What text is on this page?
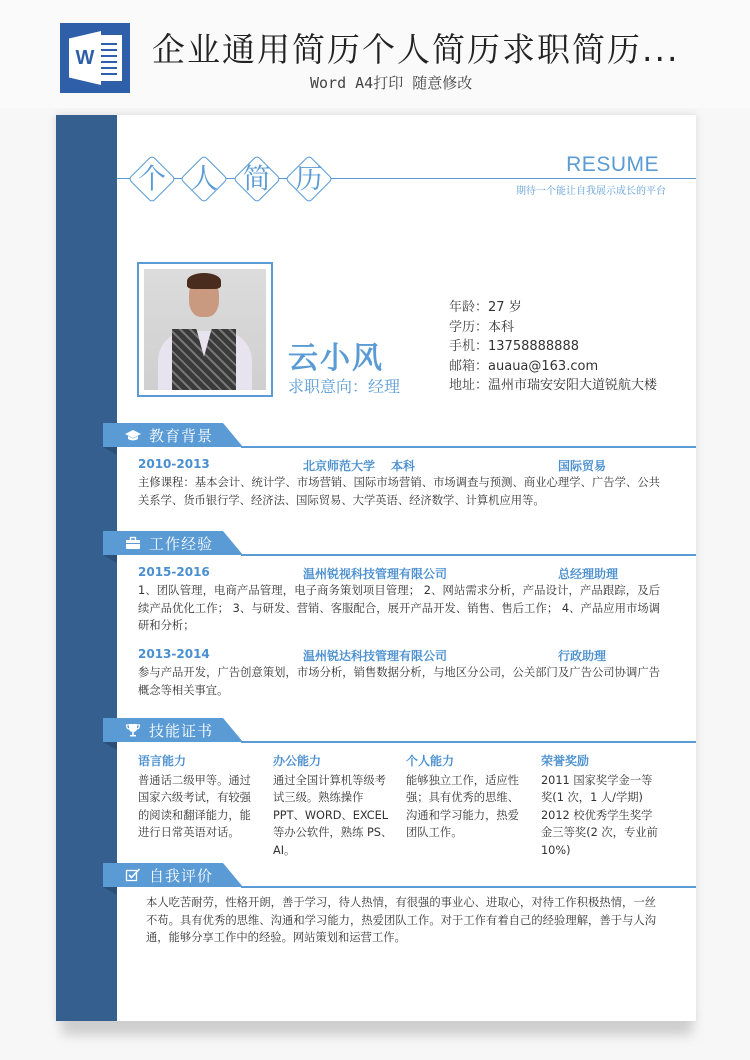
W 企业通用简历个人简历求职简历...
Word A4打印 随意修改
个 人 简 历	RESUME
期待一个能让自我展示成长的平台
云小风
求职意向：经理
年龄：27 岁
学历：本科
手机：13758888888
邮箱：auaua@163.com
地址：温州市瑞安安阳大道锐航大楼
教育背景
2010-2013	北京师范大学 本科	国际贸易
主修课程：基本会计、统计学、市场营销、国际市场营销、市场调查与预测、商业心理学、广告学、公共关系学、货币银行学、经济法、国际贸易、大学英语、经济数学、计算机应用等。
工作经验
2015-2016	温州锐视科技管理有限公司	总经理助理
1、团队管理，电商产品管理，电子商务策划项目管理； 2、网站需求分析，产品设计，产品跟踪，及后续产品优化工作； 3、与研发、营销、客服配合，展开产品开发、销售、售后工作； 4、产品应用市场调研和分析；
2013-2014	温州锐达科技管理有限公司	行政助理
参与产品开发，广告创意策划，市场分析，销售数据分析，与地区分公司，公关部门及广告公司协调广告概念等相关事宜。
技能证书
语言能力
普通话二级甲等。通过国家六级考试，有较强的阅读和翻译能力，能进行日常英语对话。
办公能力
通过全国计算机等级考试三级。熟练操作PPT、WORD、EXCEL等办公软件，熟练 PS、AI。
个人能力
能够独立工作，适应性强；具有优秀的思维、沟通和学习能力，热爱团队工作。
荣誉奖励
2011 国家奖学金一等奖(1 次，1 人/学期) 2012 校优秀学生奖学金三等奖(2 次，专业前 10%)
自我评价
本人吃苦耐劳，性格开朗，善于学习，待人热情，有很强的事业心、进取心，对待工作积极热情，一丝不苟。具有优秀的思维、沟通和学习能力，热爱团队工作。对于工作有着自己的经验理解，善于与人沟通，能够分享工作中的经验。网站策划和运营工作。
